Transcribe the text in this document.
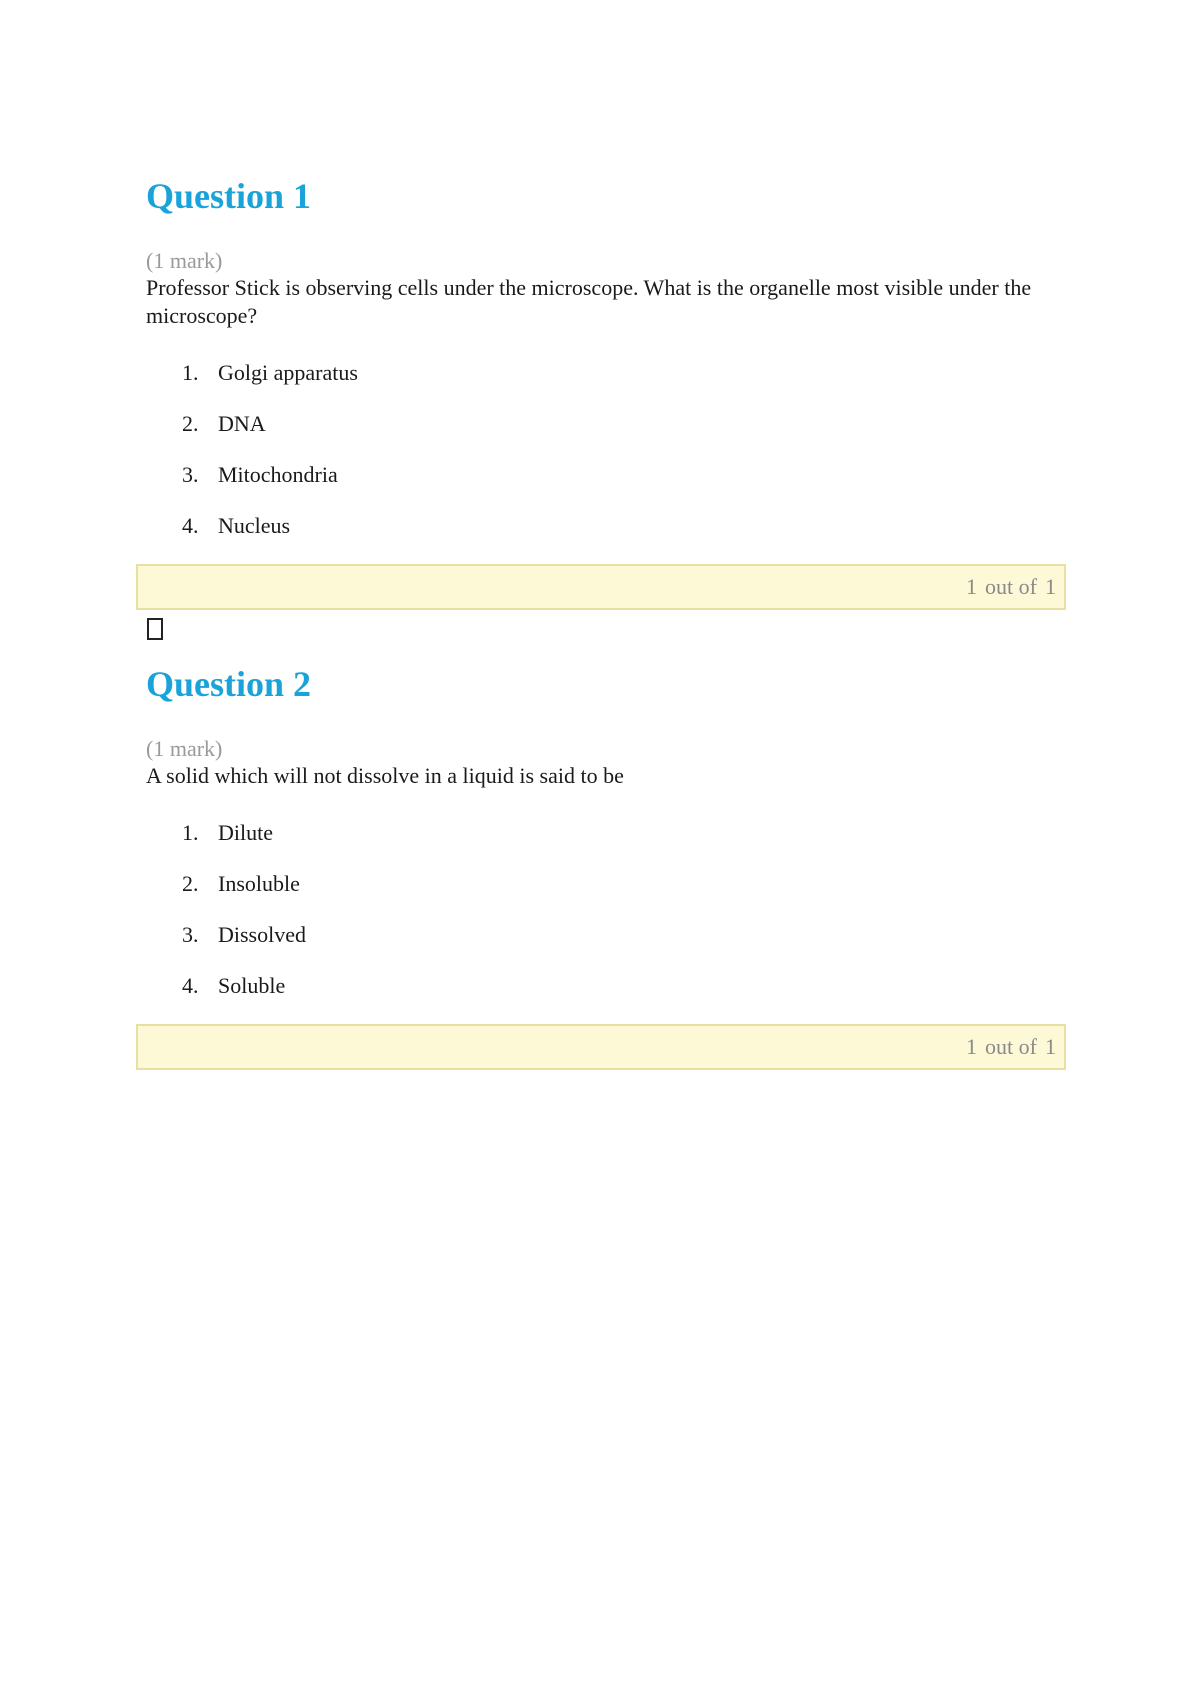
Question 1
(1 mark)
Professor Stick is observing cells under the microscope. What is the organelle most visible under the microscope?
1. Golgi apparatus
2. DNA
3. Mitochondria
4. Nucleus
1 out of 1
Question 2
(1 mark)
A solid which will not dissolve in a liquid is said to be
1. Dilute
2. Insoluble
3. Dissolved
4. Soluble
1 out of 1
